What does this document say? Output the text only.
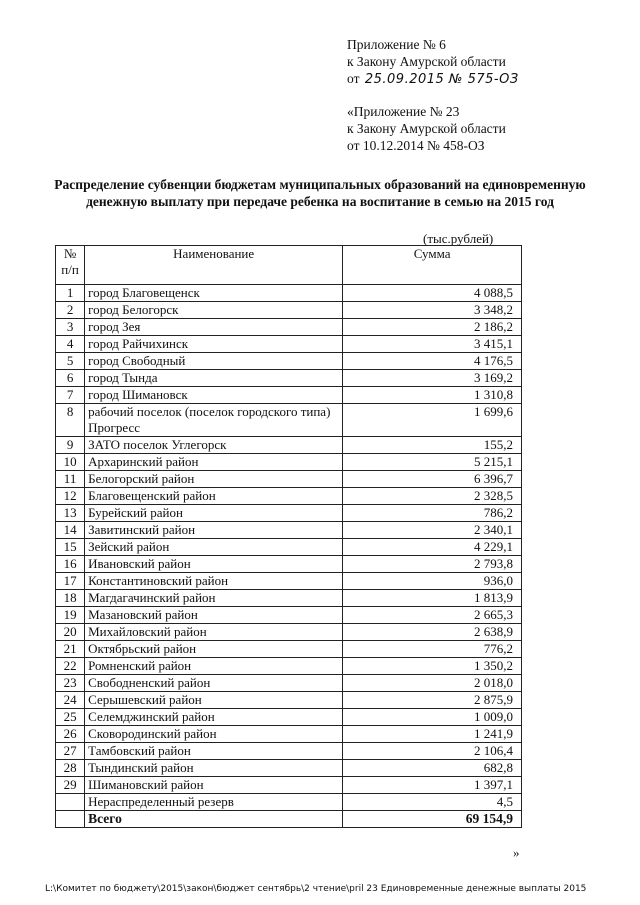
Приложение № 6
к Закону Амурской области
от 25.09.2015 № 575-ОЗ
«Приложение № 23
к Закону Амурской области
от 10.12.2014 № 458-ОЗ
Распределение субвенции бюджетам муниципальных образований на единовременную денежную выплату при передаче ребенка на воспитание в семью на 2015 год
(тыс.рублей)
№ п/п	Наименование	Сумма
1	город Благовещенск	4 088,5
2	город Белогорск	3 348,2
3	город Зея	2 186,2
4	город Райчихинск	3 415,1
5	город Свободный	4 176,5
6	город Тында	3 169,2
7	город Шимановск	1 310,8
8	рабочий поселок (поселок городского типа) Прогресс	1 699,6
9	ЗАТО поселок Углегорск	155,2
10	Архаринский район	5 215,1
11	Белогорский район	6 396,7
12	Благовещенский район	2 328,5
13	Бурейский район	786,2
14	Завитинский район	2 340,1
15	Зейский район	4 229,1
16	Ивановский район	2 793,8
17	Константиновский район	936,0
18	Магдагачинский район	1 813,9
19	Мазановский район	2 665,3
20	Михайловский район	2 638,9
21	Октябрьский район	776,2
22	Ромненский район	1 350,2
23	Свободненский район	2 018,0
24	Серышевский район	2 875,9
25	Селемджинский район	1 009,0
26	Сковородинский район	1 241,9
27	Тамбовский район	2 106,4
28	Тындинский район	682,8
29	Шимановский район	1 397,1
	Нераспределенный резерв	4,5
	Всего	69 154,9
»
L:\Комитет по бюджету\2015\закон\бюджет сентябрь\2 чтение\pril 23 Единовременные денежные выплаты 2015
